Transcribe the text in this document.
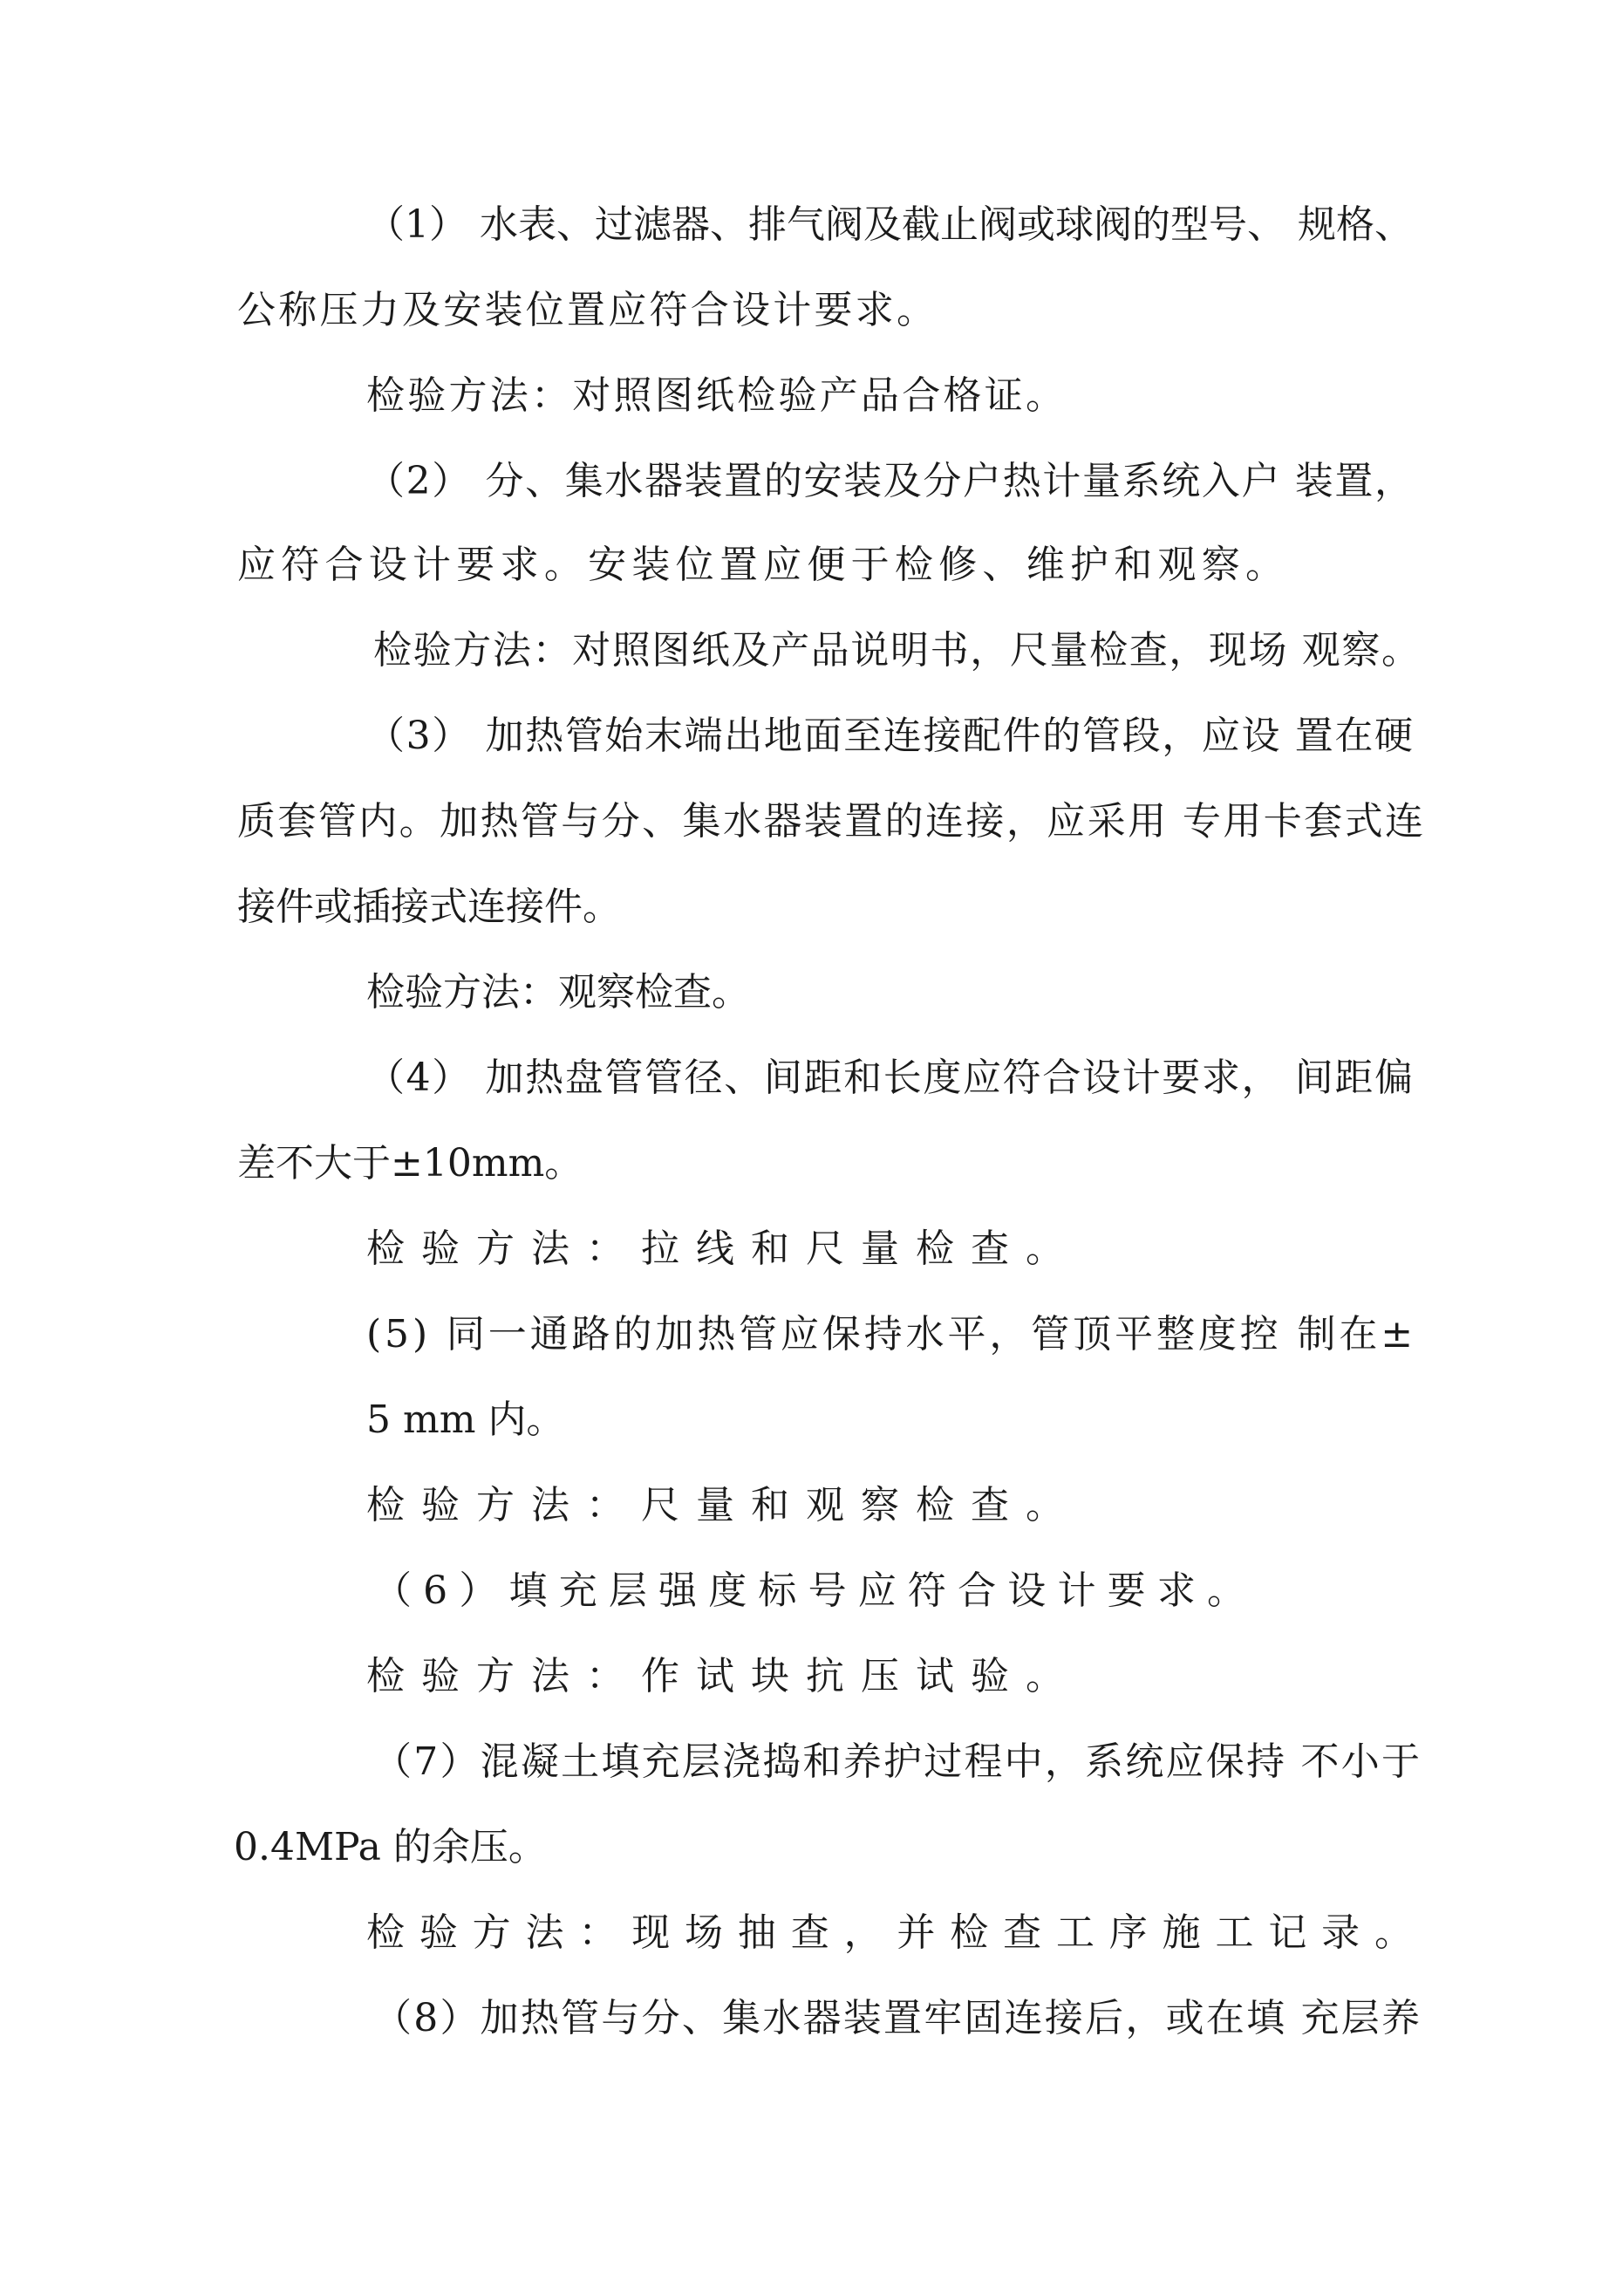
（1） 水表、过滤器、排气阀及截止阀或球阀的型号、 规格、
公称压力及安装位置应符合设计要求。
检验方法：对照图纸检验产品合格证。
（2） 分、集水器装置的安装及分户热计量系统入户 装置，
应符合设计要求。安装位置应便于检修、维护和观察。
检验方法：对照图纸及产品说明书，尺量检查，现场 观察。
（3） 加热管始末端出地面至连接配件的管段，应设 置在硬
质套管内。加热管与分、集水器装置的连接，应采用 专用卡套式连
接件或插接式连接件。
检验方法：观察检查。
（4） 加热盘管管径、间距和长度应符合设计要求， 间距偏
差不大于±10mm。
检验方法：拉线和尺量检查。
(5) 同一通路的加热管应保持水平，管顶平整度控 制在±
5 mm 内。
检验方法：尺量和观察检查。
（6）填充层强度标号应符合设计要求。
检验方法：作试块抗压试验。
（7）混凝土填充层浇捣和养护过程中，系统应保持 不小于
0.4MPa 的余压。
检验方法：现场抽查，并检查工序施工记录。
（8）加热管与分、集水器装置牢固连接后，或在填 充层养
